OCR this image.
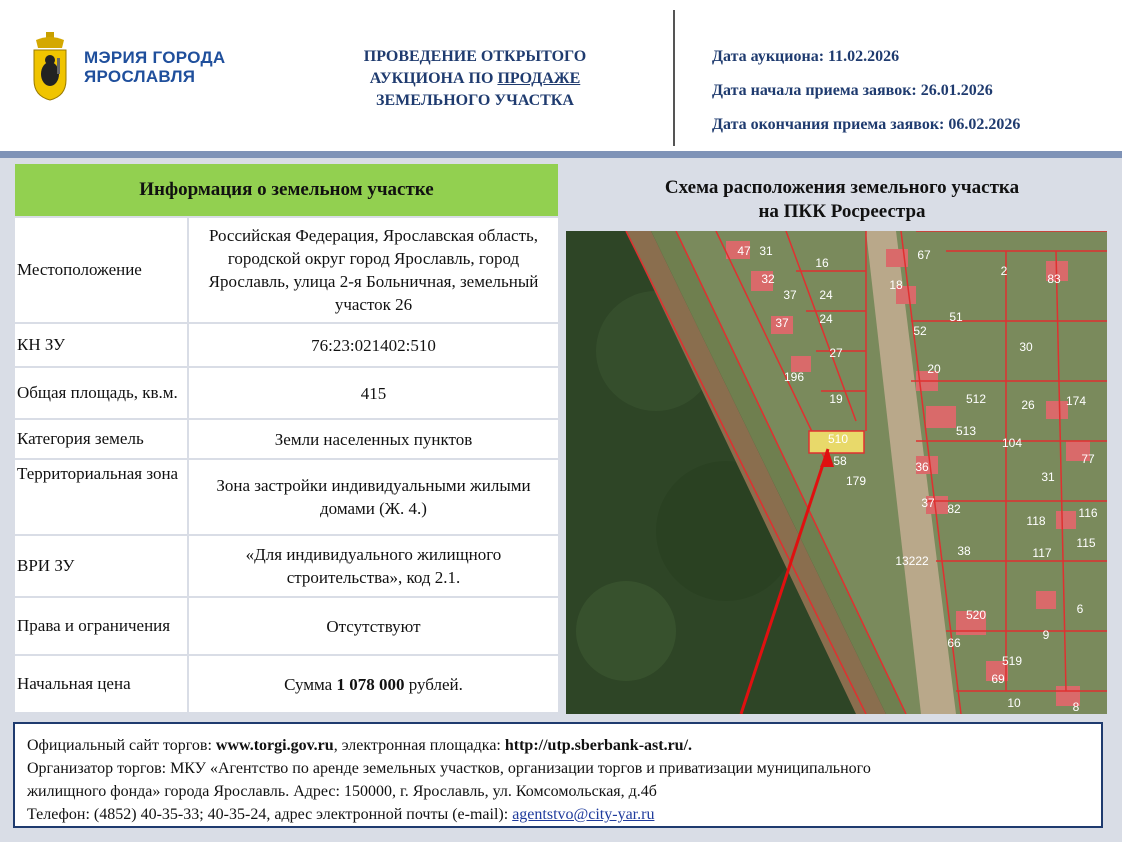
МЭРИЯ ГОРОДА
ЯРОСЛАВЛЯ
ПРОВЕДЕНИЕ ОТКРЫТОГО
АУКЦИОНА ПО ПРОДАЖЕ
ЗЕМЕЛЬНОГО УЧАСТКА
Дата аукциона: 11.02.2026
Дата начала приема заявок: 26.01.2026
Дата окончания приема заявок: 06.02.2026
Информация о земельном участке	
Местоположение	Российская Федерация, Ярославская область, городской округ город Ярославль, город Ярославль, улица 2-я Больничная, земельный участок 26
КН ЗУ	76:23:021402:510
Общая площадь, кв.м.	415
Категория земель	Земли населенных пунктов
Территориальная зона	Зона застройки индивидуальными жилыми домами (Ж. 4.)
ВРИ ЗУ	«Для индивидуального жилищного строительства», код 2.1.
Права и ограничения	Отсутствуют
Начальная цена	Сумма 1 078 000 рублей.
Схема расположения земельного участка
на ПКК Росреестра
31
47
16
67
2
83
32
37 24
18
51
37	24
52
30
27
20
196
19	512	26	174
510
513
104
77
58
179
36
31
37 82
118
116
38	117
115
13222
6
520
66
9
519
69
10	8
Официальный сайт торгов: www.torgi.gov.ru, электронная площадка: http://utp.sberbank-ast.ru/.
Организатор торгов: МКУ «Агентство по аренде земельных участков, организации торгов и приватизации муниципального
жилищного фонда» города Ярославль. Адрес: 150000, г. Ярославль, ул. Комсомольская, д.4б
Телефон: (4852) 40-35-33; 40-35-24, адрес электронной почты (e-mail): agentstvo@city-yar.ru
